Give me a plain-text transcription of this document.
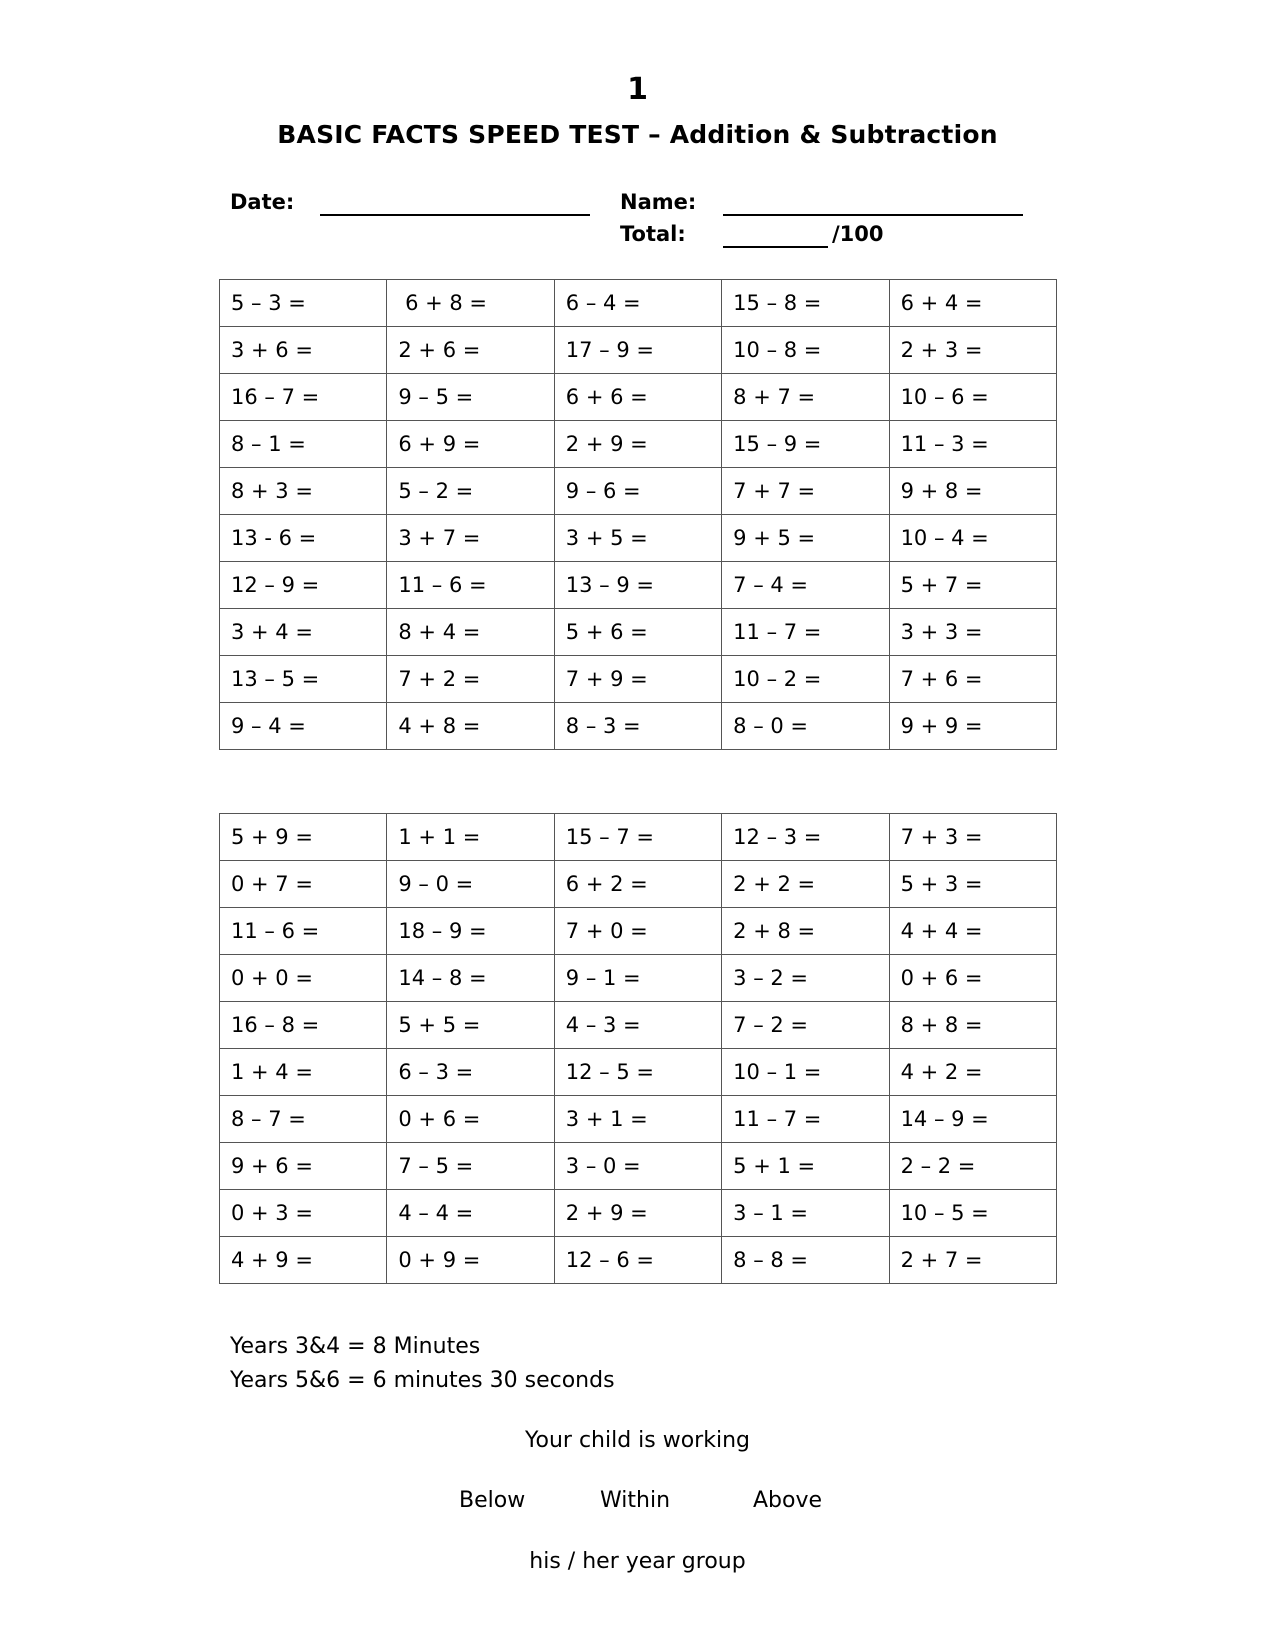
1
BASIC FACTS SPEED TEST – Addition & Subtraction
Date:	Name:
Total:	/100
5 – 3 =	6 + 8 =	6 – 4 =	15 – 8 =	6 + 4 =
3 + 6 =	2 + 6 =	17 – 9 =	10 – 8 =	2 + 3 =
16 – 7 =	9 – 5 =	6 + 6 =	8 + 7 =	10 – 6 =
8 – 1 =	6 + 9 =	2 + 9 =	15 – 9 =	11 – 3 =
8 + 3 =	5 – 2 =	9 – 6 =	7 + 7 =	9 + 8 =
13 - 6 =	3 + 7 =	3 + 5 =	9 + 5 =	10 – 4 =
12 – 9 =	11 – 6 =	13 – 9 =	7 – 4 =	5 + 7 =
3 + 4 =	8 + 4 =	5 + 6 =	11 – 7 =	3 + 3 =
13 – 5 =	7 + 2 =	7 + 9 =	10 – 2 =	7 + 6 =
9 – 4 =	4 + 8 =	8 – 3 =	8 – 0 =	9 + 9 =
5 + 9 =	1 + 1 =	15 – 7 =	12 – 3 =	7 + 3 =
0 + 7 =	9 – 0 =	6 + 2 =	2 + 2 =	5 + 3 =
11 – 6 =	18 – 9 =	7 + 0 =	2 + 8 =	4 + 4 =
0 + 0 =	14 – 8 =	9 – 1 =	3 – 2 =	0 + 6 =
16 – 8 =	5 + 5 =	4 – 3 =	7 – 2 =	8 + 8 =
1 + 4 =	6 – 3 =	12 – 5 =	10 – 1 =	4 + 2 =
8 – 7 =	0 + 6 =	3 + 1 =	11 – 7 =	14 – 9 =
9 + 6 =	7 – 5 =	3 – 0 =	5 + 1 =	2 – 2 =
0 + 3 =	4 – 4 =	2 + 9 =	3 – 1 =	10 – 5 =
4 + 9 =	0 + 9 =	12 – 6 =	8 – 8 =	2 + 7 =
Years 3&4 = 8 Minutes
Years 5&6 = 6 minutes 30 seconds
Your child is working
Below	Within	Above
his / her year group
